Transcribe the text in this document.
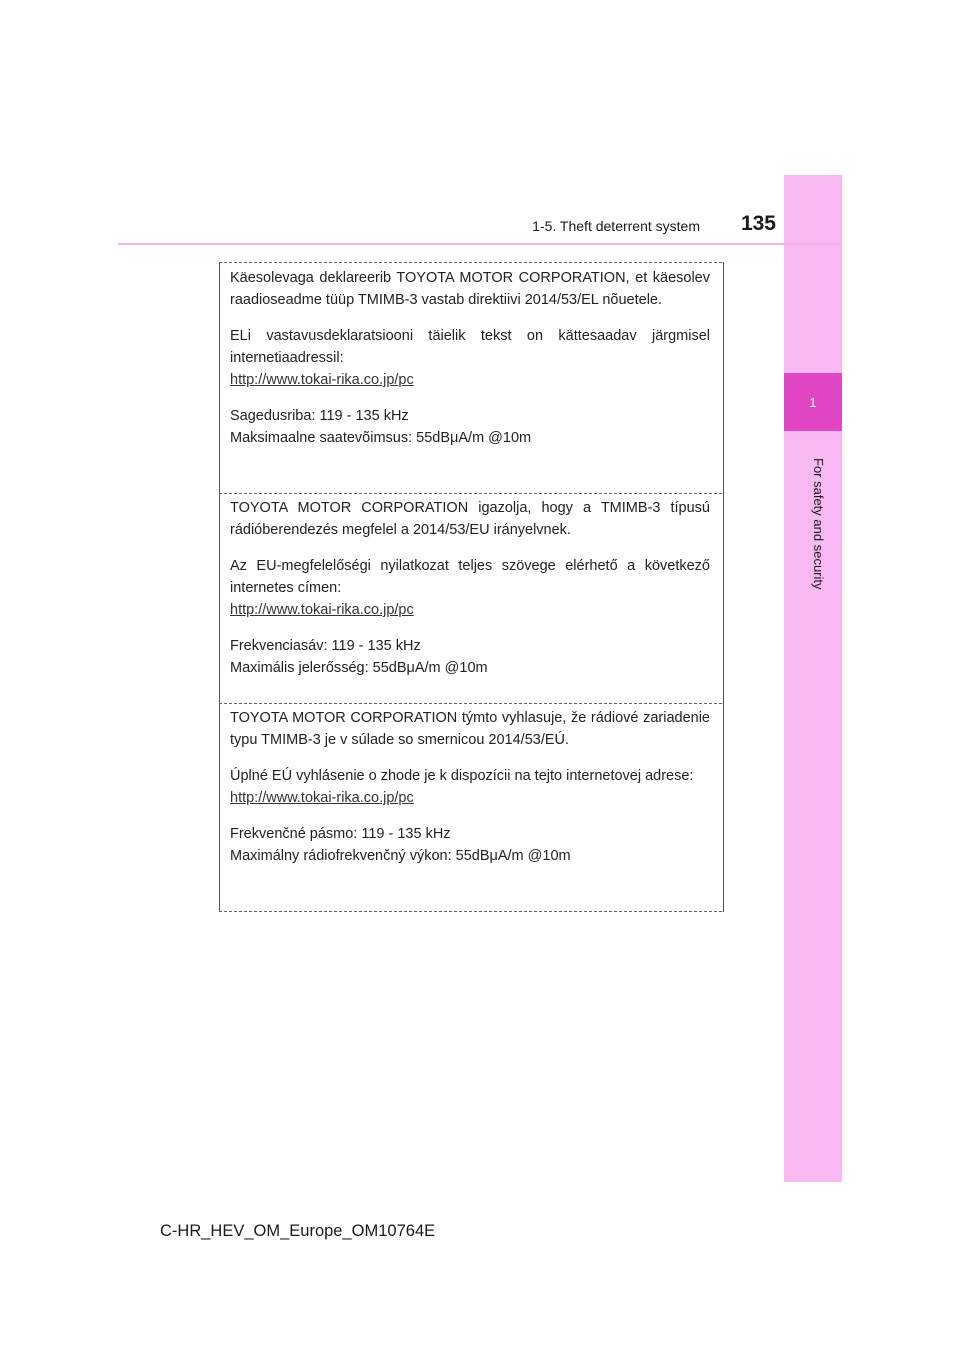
1
For safety and security
1-5. Theft deterrent system	135

Käesolevaga deklareerib TOYOTA MOTOR CORPORATION, et käesolev raadioseadme tüüp TMIMB-3 vastab direktiivi 2014/53/EL nõuetele.

ELi vastavusdeklaratsiooni täielik tekst on kättesaadav järgmisel internetiaadressil:

http://www.tokai-rika.co.jp/pc

Sagedusriba: 119 - 135 kHz

Maksimaalne saatevõimsus: 55dBμA/m @10m

TOYOTA MOTOR CORPORATION igazolja, hogy a TMIMB-3 típusú rádióberendezés megfelel a 2014/53/EU irányelvnek.

Az EU-megfelelőségi nyilatkozat teljes szövege elérhető a következő internetes címen:

http://www.tokai-rika.co.jp/pc

Frekvenciasáv: 119 - 135 kHz

Maximális jelerősség: 55dBμA/m @10m

TOYOTA MOTOR CORPORATION týmto vyhlasuje, že rádiové zariadenie typu TMIMB-3 je v súlade so smernicou 2014/53/EÚ.

Úplné EÚ vyhlásenie o zhode je k dispozícii na tejto internetovej adrese:

http://www.tokai-rika.co.jp/pc

Frekvenčné pásmo: 119 - 135 kHz

Maximálny rádiofrekvenčný výkon: 55dBμA/m @10m

C-HR_HEV_OM_Europe_OM10764E
